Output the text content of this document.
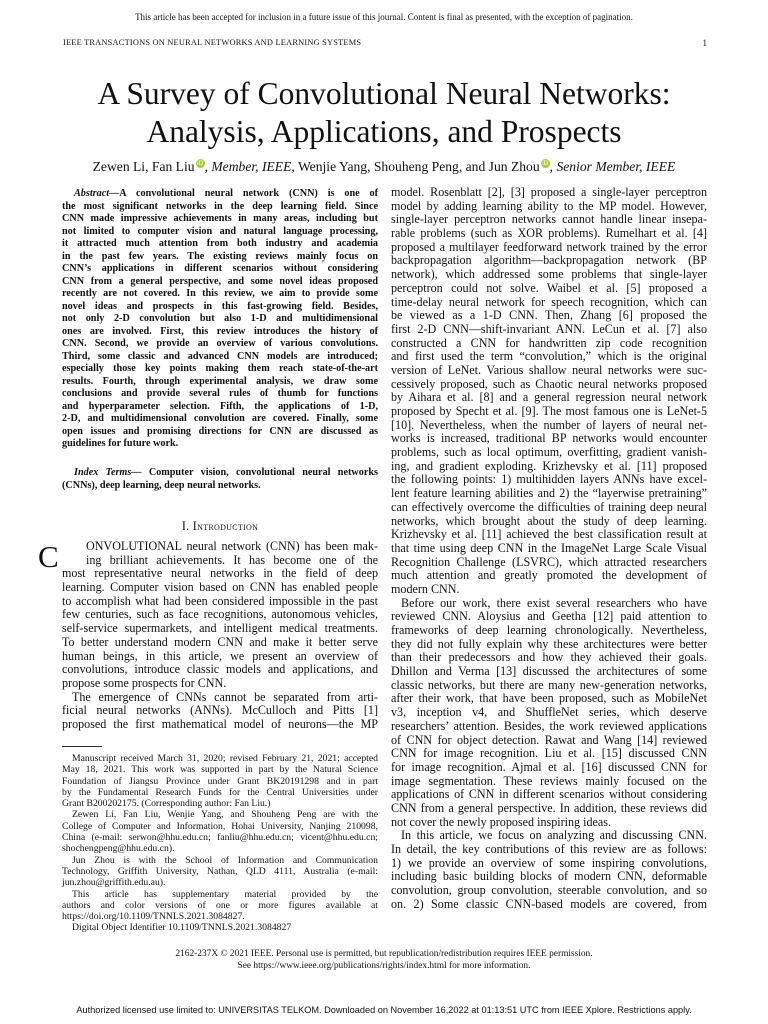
This article has been accepted for inclusion in a future issue of this journal. Content is final as presented, with the exception of pagination.
IEEE TRANSACTIONS ON NEURAL NETWORKS AND LEARNING SYSTEMS	1
A Survey of Convolutional Neural Networks:
Analysis, Applications, and Prospects
Zewen Li, Fan Liu iD, Member, IEEE, Wenjie Yang, Shouheng Peng, and Jun Zhou iD, Senior Member, IEEE
Abstract—A convolutional neural network (CNN) is one of
the most significant networks in the deep learning field. Since
CNN made impressive achievements in many areas, including but
not limited to computer vision and natural language processing,
it attracted much attention from both industry and academia
in the past few years. The existing reviews mainly focus on
CNN’s applications in different scenarios without considering
CNN from a general perspective, and some novel ideas proposed
recently are not covered. In this review, we aim to provide some
novel ideas and prospects in this fast-growing field. Besides,
not only 2-D convolution but also 1-D and multidimensional
ones are involved. First, this review introduces the history of
CNN. Second, we provide an overview of various convolutions.
Third, some classic and advanced CNN models are introduced;
especially those key points making them reach state-of-the-art
results. Fourth, through experimental analysis, we draw some
conclusions and provide several rules of thumb for functions
and hyperparameter selection. Fifth, the applications of 1-D,
2-D, and multidimensional convolution are covered. Finally, some
open issues and promising directions for CNN are discussed as
guidelines for future work.
Index Terms— Computer vision, convolutional neural networks
(CNNs), deep learning, deep neural networks.
I. Introduction
C ONVOLUTIONAL neural network (CNN) has been mak-
ing brilliant achievements. It has become one of the
most representative neural networks in the field of deep
learning. Computer vision based on CNN has enabled people
to accomplish what had been considered impossible in the past
few centuries, such as face recognitions, autonomous vehicles,
self-service supermarkets, and intelligent medical treatments.
To better understand modern CNN and make it better serve
human beings, in this article, we present an overview of
convolutions, introduce classic models and applications, and
propose some prospects for CNN.
The emergence of CNNs cannot be separated from arti-
ficial neural networks (ANNs). McCulloch and Pitts [1]
proposed the first mathematical model of neurons—the MP
Manuscript received March 31, 2020; revised February 21, 2021; accepted
May 18, 2021. This work was supported in part by the Natural Science
Foundation of Jiangsu Province under Grant BK20191298 and in part
by the Fundamental Research Funds for the Central Universities under
Grant B200202175. (Corresponding author: Fan Liu.)
Zewen Li, Fan Liu, Wenjie Yang, and Shouheng Peng are with the
College of Computer and Information, Hohai University, Nanjing 210098,
China (e-mail: serwon@hhu.edu.cn; fanliu@hhu.edu.cn; vicent@hhu.edu.cn;
shochengpeng@hhu.edu.cn).
Jun Zhou is with the School of Information and Communication
Technology, Griffith University, Nathan, QLD 4111, Australia (e-mail:
jun.zhou@griffith.edu.au).
This article has supplementary material provided by the
authors and color versions of one or more figures available at
https://doi.org/10.1109/TNNLS.2021.3084827.
Digital Object Identifier 10.1109/TNNLS.2021.3084827
model. Rosenblatt [2], [3] proposed a single-layer perceptron
model by adding learning ability to the MP model. However,
single-layer perceptron networks cannot handle linear insepa-
rable problems (such as XOR problems). Rumelhart et al. [4]
proposed a multilayer feedforward network trained by the error
backpropagation algorithm—backpropagation network (BP
network), which addressed some problems that single-layer
perceptron could not solve. Waibel et al. [5] proposed a
time-delay neural network for speech recognition, which can
be viewed as a 1-D CNN. Then, Zhang [6] proposed the
first 2-D CNN—shift-invariant ANN. LeCun et al. [7] also
constructed a CNN for handwritten zip code recognition
and first used the term “convolution,” which is the original
version of LeNet. Various shallow neural networks were suc-
cessively proposed, such as Chaotic neural networks proposed
by Aihara et al. [8] and a general regression neural network
proposed by Specht et al. [9]. The most famous one is LeNet-5
[10]. Nevertheless, when the number of layers of neural net-
works is increased, traditional BP networks would encounter
problems, such as local optimum, overfitting, gradient vanish-
ing, and gradient exploding. Krizhevsky et al. [11] proposed
the following points: 1) multihidden layers ANNs have excel-
lent feature learning abilities and 2) the “layerwise pretraining”
can effectively overcome the difficulties of training deep neural
networks, which brought about the study of deep learning.
Krizhevsky et al. [11] achieved the best classification result at
that time using deep CNN in the ImageNet Large Scale Visual
Recognition Challenge (LSVRC), which attracted researchers
much attention and greatly promoted the development of
modern CNN.
Before our work, there exist several researchers who have
reviewed CNN. Aloysius and Geetha [12] paid attention to
frameworks of deep learning chronologically. Nevertheless,
they did not fully explain why these architectures were better
than their predecessors and how they achieved their goals.
Dhillon and Verma [13] discussed the architectures of some
classic networks, but there are many new-generation networks,
after their work, that have been proposed, such as MobileNet
v3, inception v4, and ShuffleNet series, which deserve
researchers’ attention. Besides, the work reviewed applications
of CNN for object detection. Rawat and Wang [14] reviewed
CNN for image recognition. Liu et al. [15] discussed CNN
for image recognition. Ajmal et al. [16] discussed CNN for
image segmentation. These reviews mainly focused on the
applications of CNN in different scenarios without considering
CNN from a general perspective. In addition, these reviews did
not cover the newly proposed inspiring ideas.
In this article, we focus on analyzing and discussing CNN.
In detail, the key contributions of this review are as follows:
1) we provide an overview of some inspiring convolutions,
including basic building blocks of modern CNN, deformable
convolution, group convolution, steerable convolution, and so
on. 2) Some classic CNN-based models are covered, from
2162-237X © 2021 IEEE. Personal use is permitted, but republication/redistribution requires IEEE permission.
See https://www.ieee.org/publications/rights/index.html for more information.
Authorized licensed use limited to: UNIVERSITAS TELKOM. Downloaded on November 16,2022 at 01:13:51 UTC from IEEE Xplore. Restrictions apply.
